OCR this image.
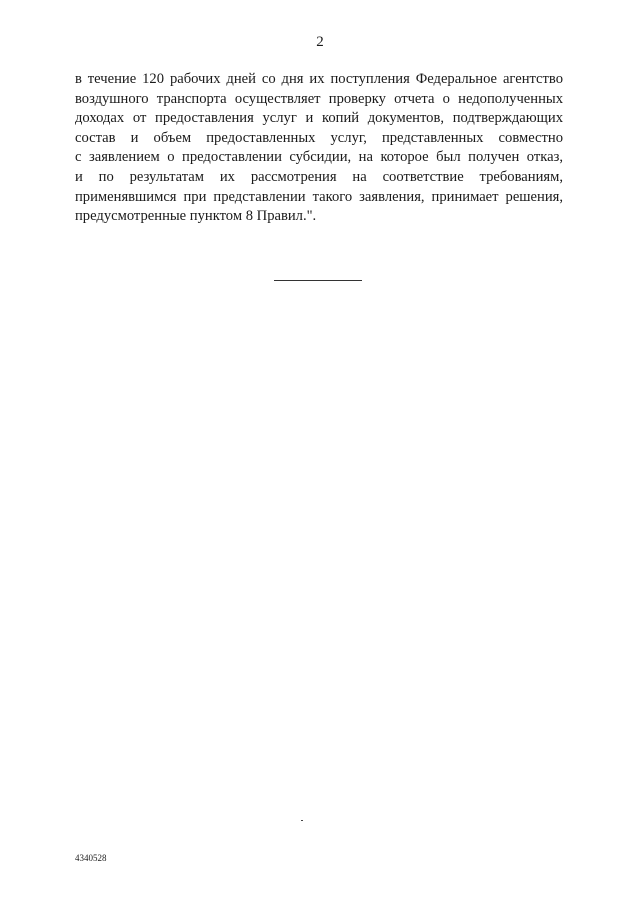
2
в течение 120 рабочих дней со дня их поступления Федеральное агентство
воздушного транспорта осуществляет проверку отчета о недополученных
доходах от предоставления услуг и копий документов, подтверждающих
состав и объем предоставленных услуг, представленных совместно
с заявлением о предоставлении субсидии, на которое был получен отказ,
и по результатам их рассмотрения на соответствие требованиям,
применявшимся при представлении такого заявления, принимает решения,
предусмотренные пунктом 8 Правил.".
4340528
